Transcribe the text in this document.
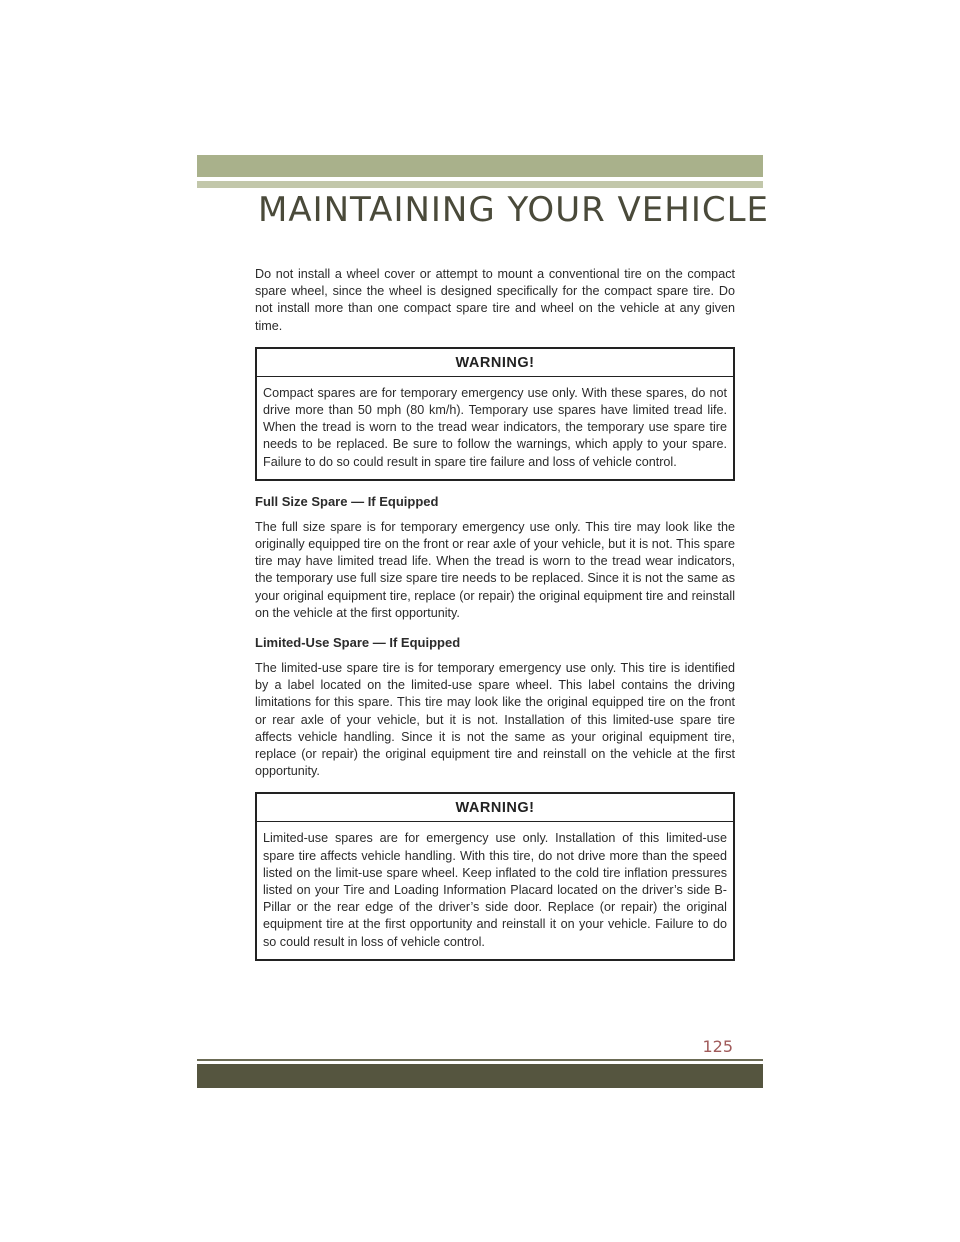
MAINTAINING YOUR VEHICLE

Do not install a wheel cover or attempt to mount a conventional tire on the compact spare wheel, since the wheel is designed specifically for the compact spare tire. Do not install more than one compact spare tire and wheel on the vehicle at any given time.

WARNING!

Compact spares are for temporary emergency use only. With these spares, do not drive more than 50 mph (80 km/h). Temporary use spares have limited tread life. When the tread is worn to the tread wear indicators, the temporary use spare tire needs to be replaced. Be sure to follow the warnings, which apply to your spare. Failure to do so could result in spare tire failure and loss of vehicle control.

Full Size Spare — If Equipped

The full size spare is for temporary emergency use only. This tire may look like the originally equipped tire on the front or rear axle of your vehicle, but it is not. This spare tire may have limited tread life. When the tread is worn to the tread wear indicators, the temporary use full size spare tire needs to be replaced. Since it is not the same as your original equipment tire, replace (or repair) the original equipment tire and reinstall on the vehicle at the first opportunity.

Limited-Use Spare — If Equipped

The limited-use spare tire is for temporary emergency use only. This tire is identified by a label located on the limited-use spare wheel. This label contains the driving limitations for this spare. This tire may look like the original equipped tire on the front or rear axle of your vehicle, but it is not. Installation of this limited-use spare tire affects vehicle handling. Since it is not the same as your original equipment tire, replace (or repair) the original equipment tire and reinstall on the vehicle at the first opportunity.

WARNING!

Limited-use spares are for emergency use only. Installation of this limited-use spare tire affects vehicle handling. With this tire, do not drive more than the speed listed on the limit-use spare wheel. Keep inflated to the cold tire inflation pressures listed on your Tire and Loading Information Placard located on the driver’s side B-Pillar or the rear edge of the driver’s side door. Replace (or repair) the original equipment tire at the first opportunity and reinstall it on your vehicle. Failure to do so could result in loss of vehicle control.

125
